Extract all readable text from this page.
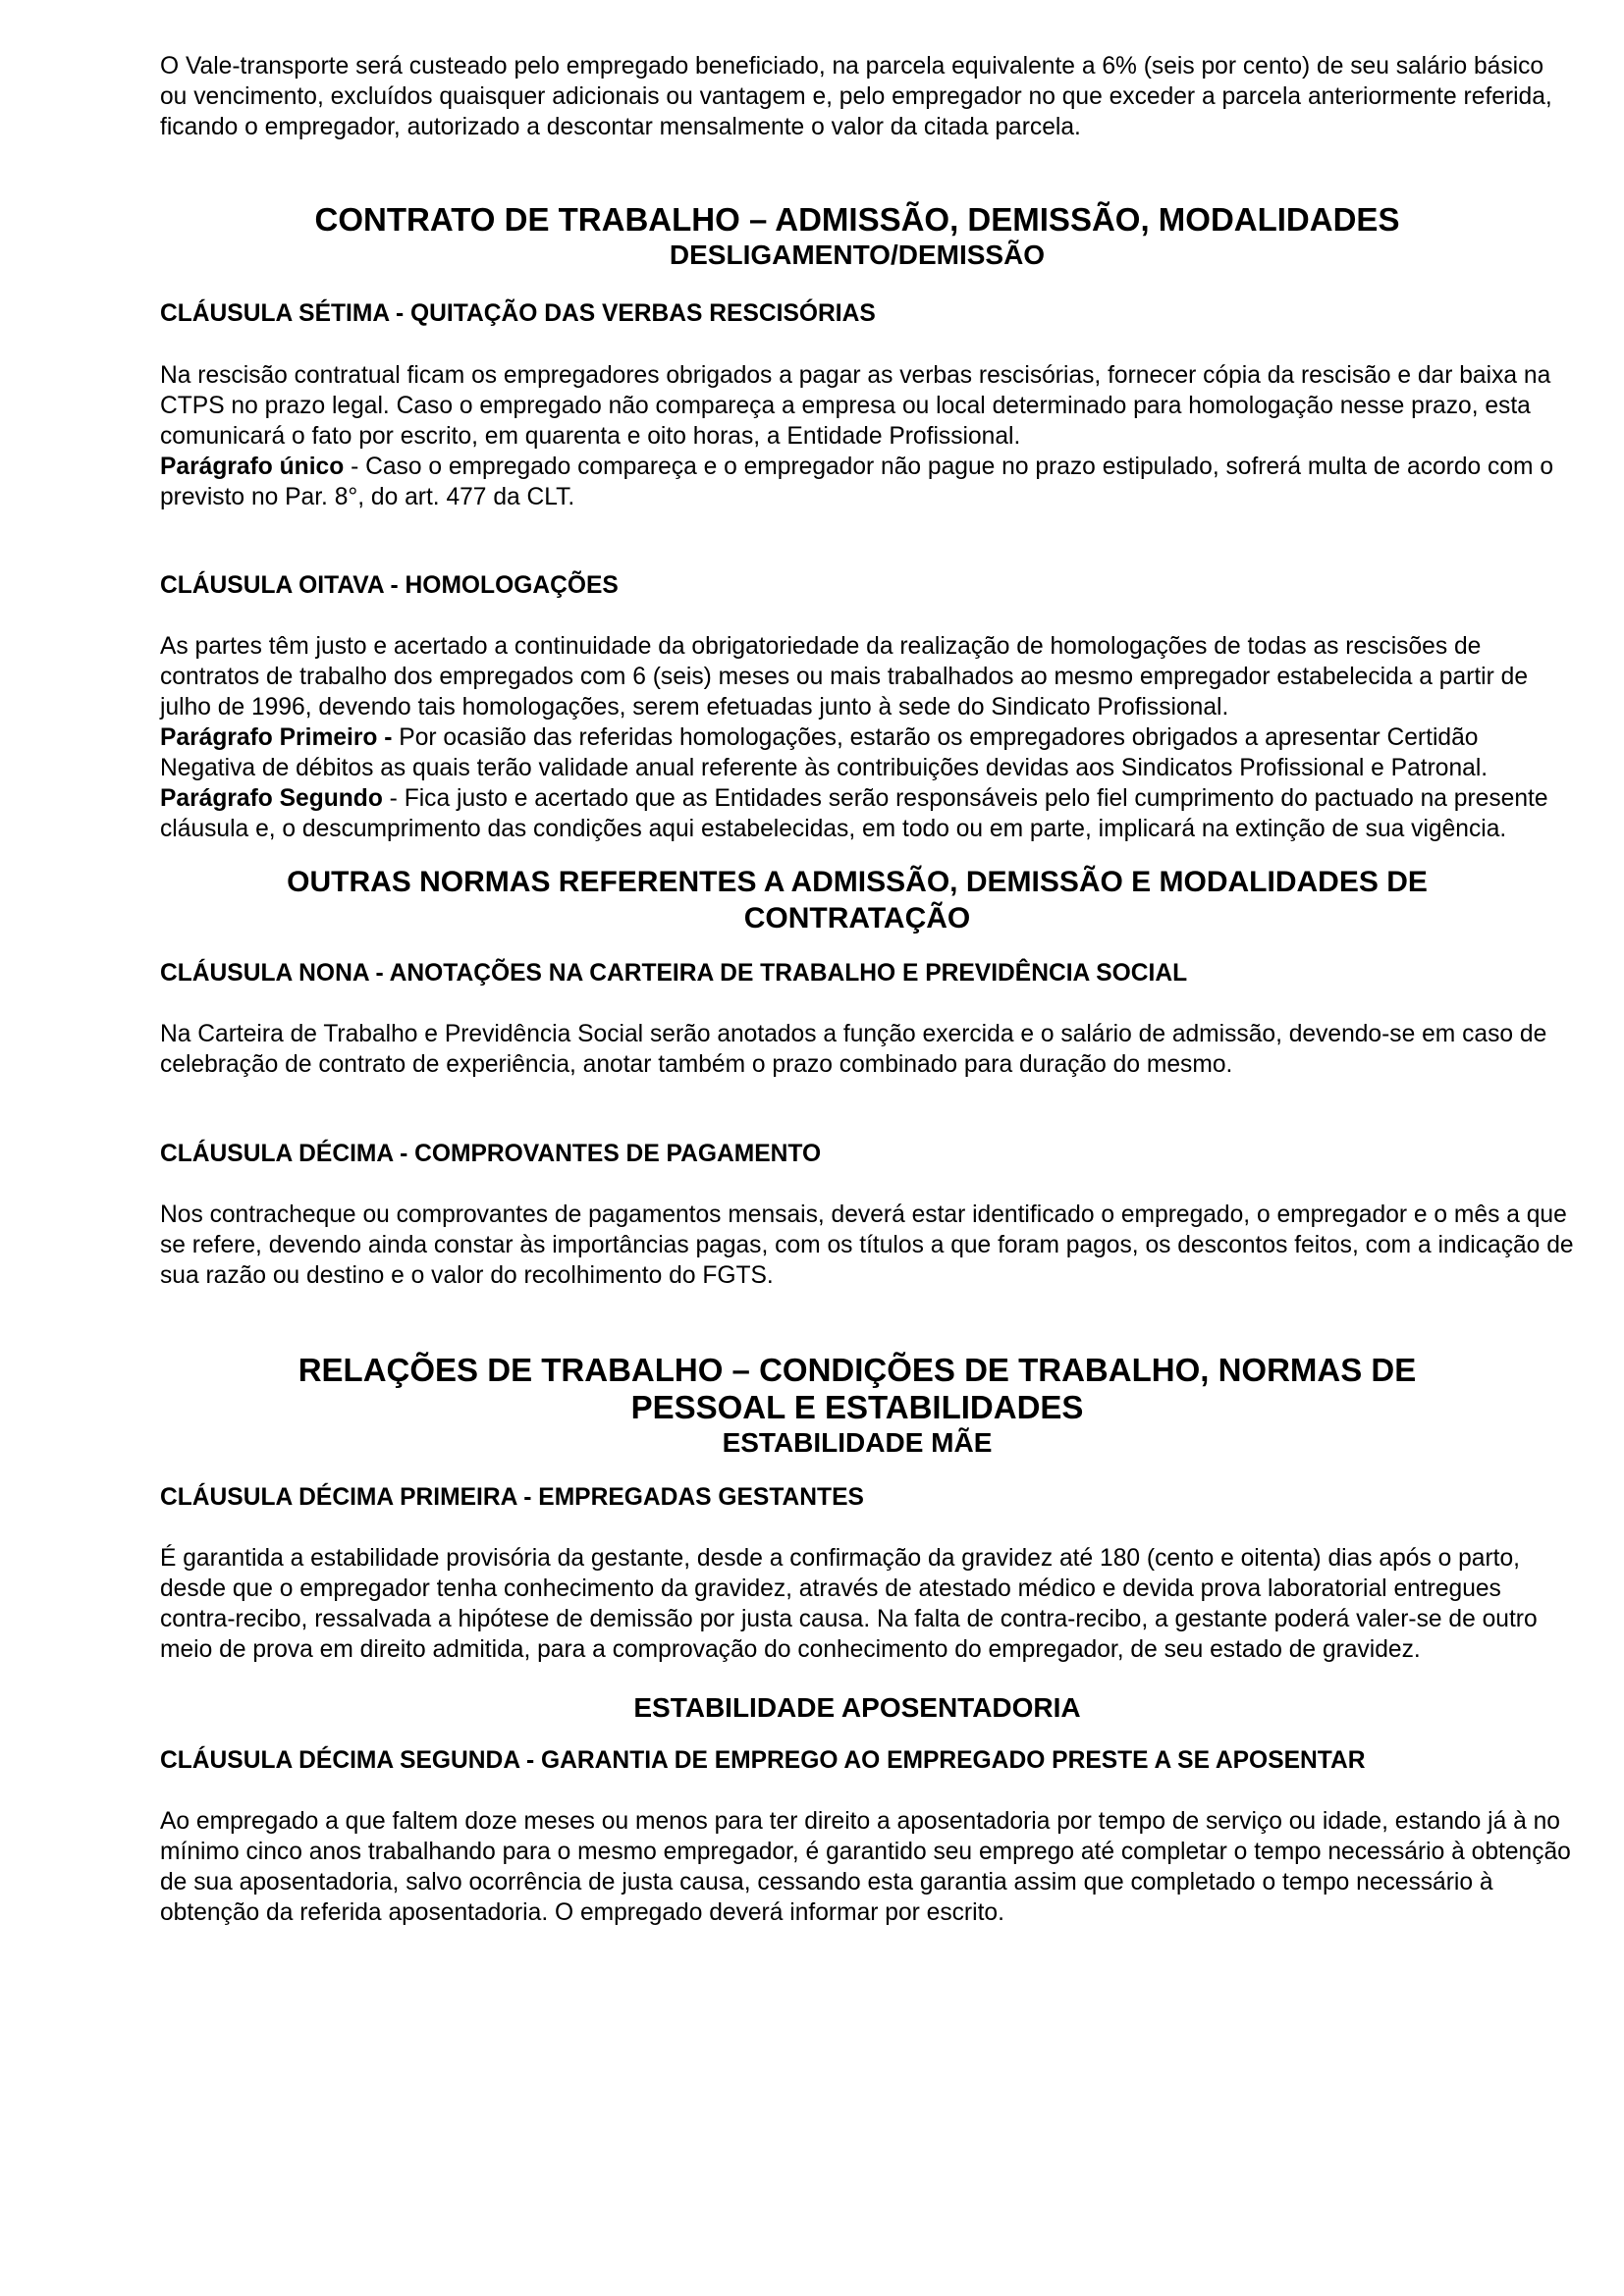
O Vale-transporte será custeado pelo empregado beneficiado, na parcela equivalente a 6% (seis por cento) de seu salário básico ou vencimento, excluídos quaisquer adicionais ou vantagem e, pelo empregador no que exceder a parcela anteriormente referida, ficando o empregador, autorizado a descontar mensalmente o valor da citada parcela.

CONTRATO DE TRABALHO – ADMISSÃO, DEMISSÃO, MODALIDADES
DESLIGAMENTO/DEMISSÃO
CLÁUSULA SÉTIMA - QUITAÇÃO DAS VERBAS RESCISÓRIAS

Na rescisão contratual ficam os empregadores obrigados a pagar as verbas rescisórias, fornecer cópia da rescisão e dar baixa na CTPS no prazo legal. Caso o empregado não compareça a empresa ou local determinado para homologação nesse prazo, esta comunicará o fato por escrito, em quarenta e oito horas, a Entidade Profissional.

Parágrafo único - Caso o empregado compareça e o empregador não pague no prazo estipulado, sofrerá multa de acordo com o previsto no Par. 8°, do art. 477 da CLT.

CLÁUSULA OITAVA - HOMOLOGAÇÕES

As partes têm justo e acertado a continuidade da obrigatoriedade da realização de homologações de todas as rescisões de contratos de trabalho dos empregados com 6 (seis) meses ou mais trabalhados ao mesmo empregador estabelecida a partir de julho de 1996, devendo tais homologações, serem efetuadas junto à sede do Sindicato Profissional.

Parágrafo Primeiro - Por ocasião das referidas homologações, estarão os empregadores obrigados a apresentar Certidão Negativa de débitos as quais terão validade anual referente às contribuições devidas aos Sindicatos Profissional e Patronal.

Parágrafo Segundo - Fica justo e acertado que as Entidades serão responsáveis pelo fiel cumprimento do pactuado na presente cláusula e, o descumprimento das condições aqui estabelecidas, em todo ou em parte, implicará na extinção de sua vigência.

OUTRAS NORMAS REFERENTES A ADMISSÃO, DEMISSÃO E MODALIDADES DE
CONTRATAÇÃO
CLÁUSULA NONA - ANOTAÇÕES NA CARTEIRA DE TRABALHO E PREVIDÊNCIA SOCIAL

Na Carteira de Trabalho e Previdência Social serão anotados a função exercida e o salário de admissão, devendo-se em caso de celebração de contrato de experiência, anotar também o prazo combinado para duração do mesmo.

CLÁUSULA DÉCIMA - COMPROVANTES DE PAGAMENTO

Nos contracheque ou comprovantes de pagamentos mensais, deverá estar identificado o empregado, o empregador e o mês a que se refere, devendo ainda constar às importâncias pagas, com os títulos a que foram pagos, os descontos feitos, com a indicação de sua razão ou destino e o valor do recolhimento do FGTS.

RELAÇÕES DE TRABALHO – CONDIÇÕES DE TRABALHO, NORMAS DE
PESSOAL E ESTABILIDADES
ESTABILIDADE MÃE
CLÁUSULA DÉCIMA PRIMEIRA - EMPREGADAS GESTANTES

É garantida a estabilidade provisória da gestante, desde a confirmação da gravidez até 180 (cento e oitenta) dias após o parto, desde que o empregador tenha conhecimento da gravidez, através de atestado médico e devida prova laboratorial entregues contra-recibo, ressalvada a hipótese de demissão por justa causa. Na falta de contra-recibo, a gestante poderá valer-se de outro meio de prova em direito admitida, para a comprovação do conhecimento do empregador, de seu estado de gravidez.

ESTABILIDADE APOSENTADORIA
CLÁUSULA DÉCIMA SEGUNDA - GARANTIA DE EMPREGO AO EMPREGADO PRESTE A SE APOSENTAR

Ao empregado a que faltem doze meses ou menos para ter direito a aposentadoria por tempo de serviço ou idade, estando já à no mínimo cinco anos trabalhando para o mesmo empregador, é garantido seu emprego até completar o tempo necessário à obtenção de sua aposentadoria, salvo ocorrência de justa causa, cessando esta garantia assim que completado o tempo necessário à obtenção da referida aposentadoria. O empregado deverá informar por escrito.
